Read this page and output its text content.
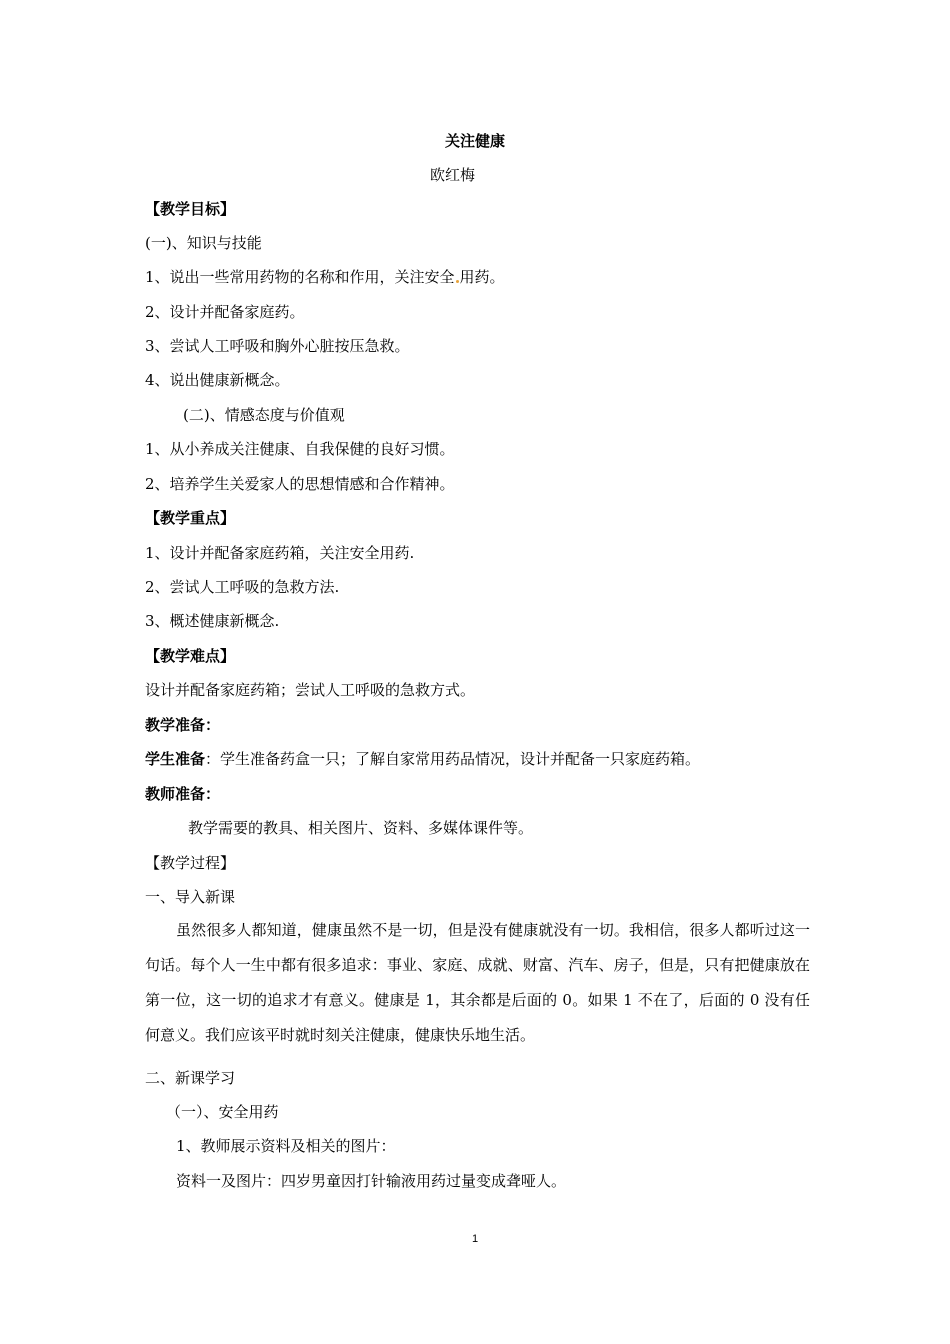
关注健康
欧红梅
【教学目标】
(一)、知识与技能
1、说出一些常用药物的名称和作用，关注安全 用药。
2、设计并配备家庭药。
3、尝试人工呼吸和胸外心脏按压急救。
4、说出健康新概念。
(二)、情感态度与价值观
1、从小养成关注健康、自我保健的良好习惯。
2、培养学生关爱家人的思想情感和合作精神。
【教学重点】
1、设计并配备家庭药箱，关注安全用药.
2、尝试人工呼吸的急救方法.
3、概述健康新概念.
【教学难点】
设计并配备家庭药箱；尝试人工呼吸的急救方式。
教学准备：
学生准备：学生准备药盒一只；了解自家常用药品情况，设计并配备一只家庭药箱。
教师准备：
教学需要的教具、相关图片、资料、多媒体课件等。
【教学过程】
一、导入新课
虽然很多人都知道，健康虽然不是一切，但是没有健康就没有一切。我相信，很多人都听过这一句话。每个人一生中都有很多追求：事业、家庭、成就、财富、汽车、房子，但是，只有把健康放在第一位，这一切的追求才有意义。健康是 1，其余都是后面的 0。如果 1 不在了，后面的 0 没有任何意义。我们应该平时就时刻关注健康，健康快乐地生活。
二、新课学习
（一）、安全用药
1、教师展示资料及相关的图片：
资料一及图片：四岁男童因打针输液用药过量变成聋哑人。
1
